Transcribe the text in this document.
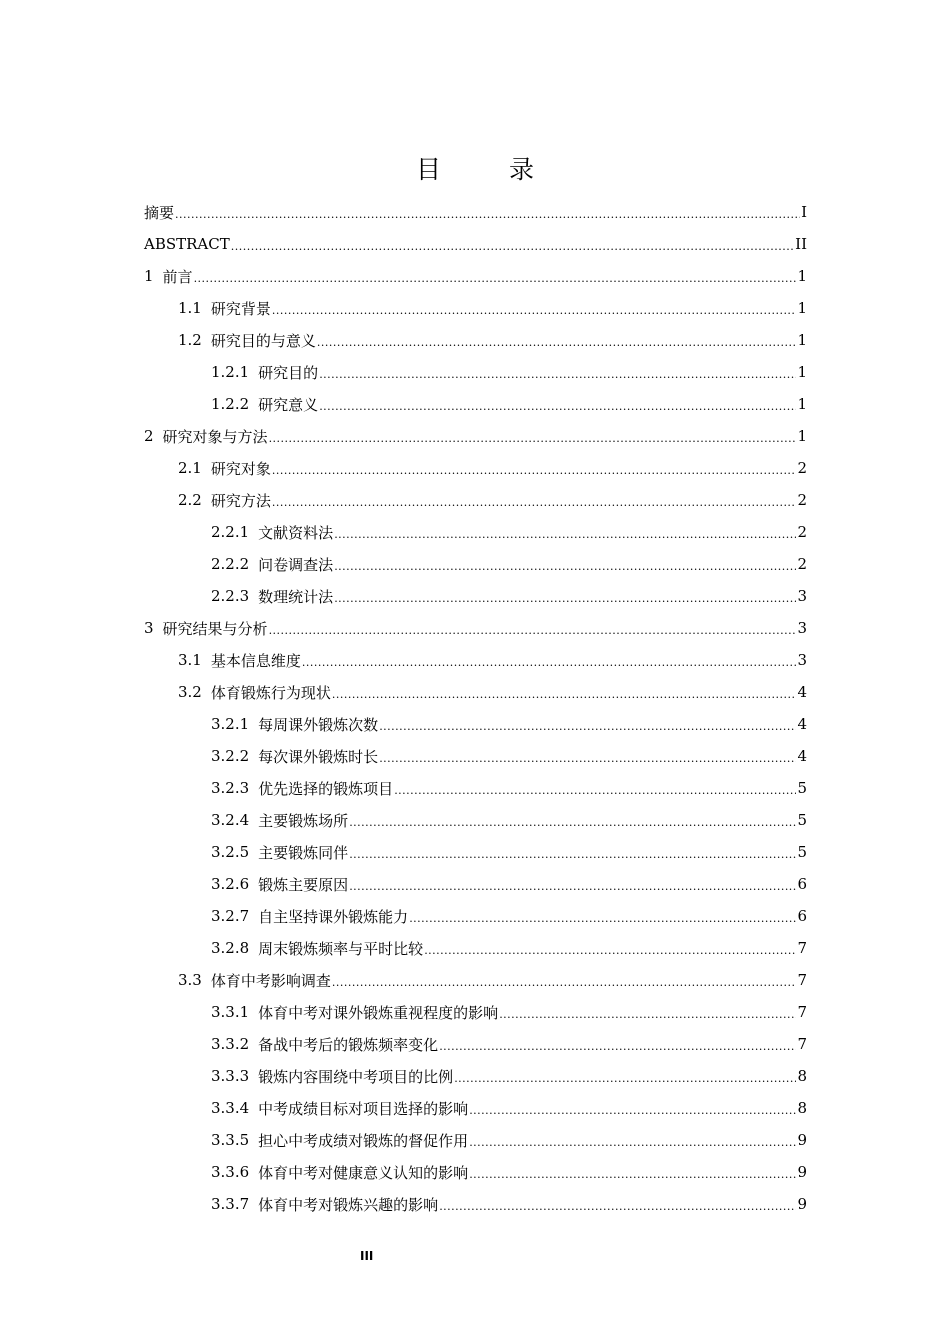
目 录
摘要 .....	I
ABSTRACT .....	II
1 前言 .....	1
1.1 研究背景 .....	1
1.2 研究目的与意义 .....	1
1.2.1 研究目的 .....	1
1.2.2 研究意义 .....	1
2 研究对象与方法 .....	1
2.1 研究对象 .....	2
2.2 研究方法 .....	2
2.2.1 文献资料法 .....	2
2.2.2 问卷调查法 .....	2
2.2.3 数理统计法 .....	3
3 研究结果与分析 .....	3
3.1 基本信息维度 .....	3
3.2 体育锻炼行为现状 .....	4
3.2.1 每周课外锻炼次数 .....	4
3.2.2 每次课外锻炼时长 .....	4
3.2.3 优先选择的锻炼项目 .....	5
3.2.4 主要锻炼场所 .....	5
3.2.5 主要锻炼同伴 .....	5
3.2.6 锻炼主要原因 .....	6
3.2.7 自主坚持课外锻炼能力 .....	6
3.2.8 周末锻炼频率与平时比较 .....	7
3.3 体育中考影响调查 .....	7
3.3.1 体育中考对课外锻炼重视程度的影响 .....	7
3.3.2 备战中考后的锻炼频率变化 .....	7
3.3.3 锻炼内容围绕中考项目的比例 .....	8
3.3.4 中考成绩目标对项目选择的影响 .....	8
3.3.5 担心中考成绩对锻炼的督促作用 .....	9
3.3.6 体育中考对健康意义认知的影响 .....	9
3.3.7 体育中考对锻炼兴趣的影响 .....	9
III
